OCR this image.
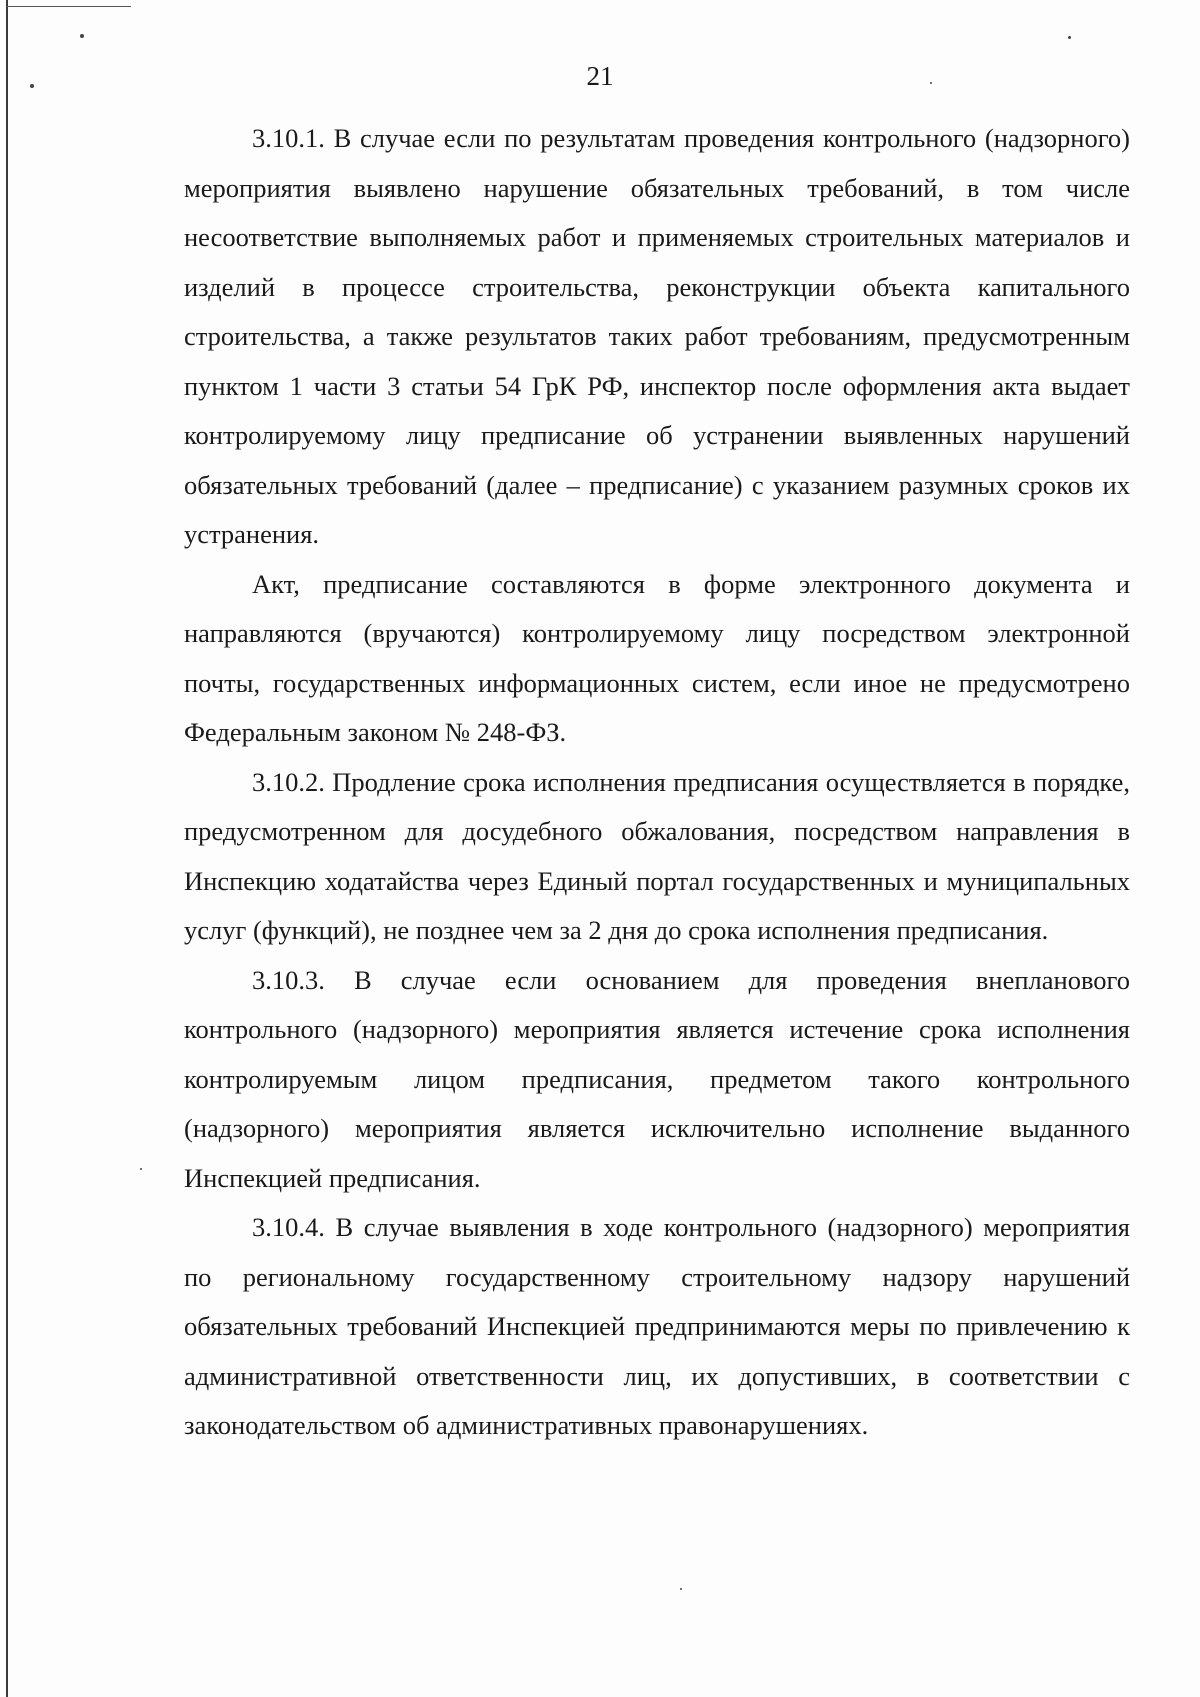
21

3.10.1. В случае если по результатам проведения контрольного (надзорного) мероприятия выявлено нарушение обязательных требований, в том числе несоответствие выполняемых работ и применяемых строительных материалов и изделий в процессе строительства, реконструкции объекта капитального строительства, а также результатов таких работ требованиям, предусмотренным пунктом 1 части 3 статьи 54 ГрК РФ, инспектор после оформления акта выдает контролируемому лицу предписание об устранении выявленных нарушений обязательных требований (далее – предписание) с указанием разумных сроков их устранения.

Акт, предписание составляются в форме электронного документа и направляются (вручаются) контролируемому лицу посредством электронной почты, государственных информационных систем, если иное не предусмотрено Федеральным законом № 248-ФЗ.

3.10.2. Продление срока исполнения предписания осуществляется в порядке, предусмотренном для досудебного обжалования, посредством направления в Инспекцию ходатайства через Единый портал государственных и муниципальных услуг (функций), не позднее чем за 2 дня до срока исполнения предписания.

3.10.3. В случае если основанием для проведения внепланового контрольного (надзорного) мероприятия является истечение срока исполнения контролируемым лицом предписания, предметом такого контрольного (надзорного) мероприятия является исключительно исполнение выданного Инспекцией предписания.

3.10.4. В случае выявления в ходе контрольного (надзорного) мероприятия по региональному государственному строительному надзору нарушений обязательных требований Инспекцией предпринимаются меры по привлечению к административной ответственности лиц, их допустивших, в соответствии с законодательством об административных правонарушениях.
